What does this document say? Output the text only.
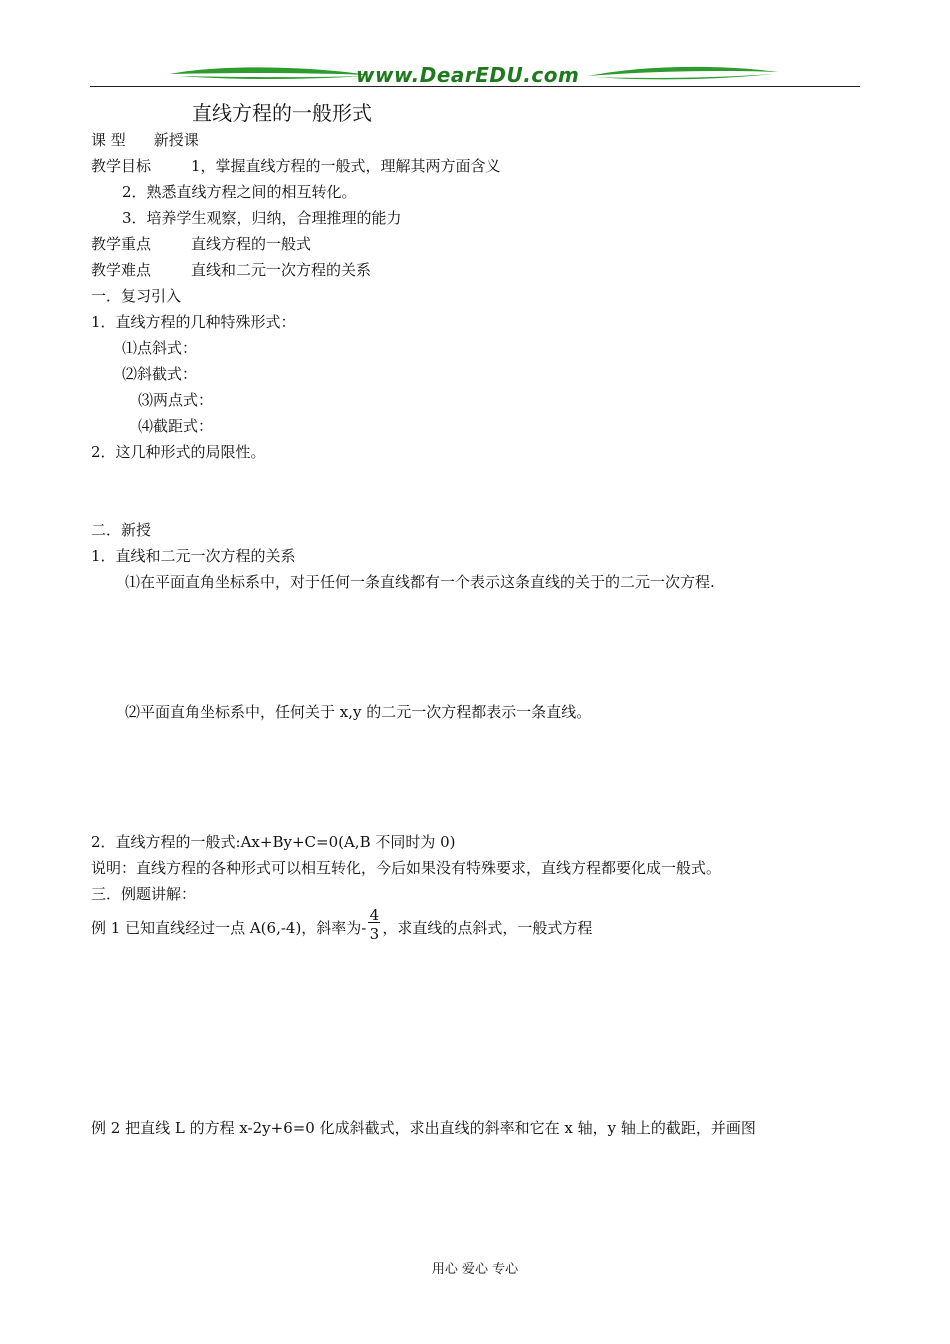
www.DearEDU.com
直线方程的一般形式
课 型 新授课
教学目标	1，掌握直线方程的一般式，理解其两方面含义
2．熟悉直线方程之间的相互转化。
3．培养学生观察，归纳，合理推理的能力
教学重点	直线方程的一般式
教学难点	直线和二元一次方程的关系
一．复习引入
1．直线方程的几种特殊形式：
⑴点斜式：
⑵斜截式：
⑶两点式：
⑷截距式：
2．这几种形式的局限性。
二．新授
1．直线和二元一次方程的关系
⑴在平面直角坐标系中，对于任何一条直线都有一个表示这条直线的关于的二元一次方程.
⑵平面直角坐标系中，任何关于 x,y 的二元一次方程都表示一条直线。
2．直线方程的一般式:Ax+By+C=0(A,B 不同时为 0)
说明：直线方程的各种形式可以相互转化，今后如果没有特殊要求，直线方程都要化成一般式。
三．例题讲解：
例 1 已知直线经过一点 A(6,-4)，斜率为- $\frac{4}{3}$ ，求直线的点斜式，一般式方程
例 2 把直线 L 的方程 x-2y+6=0 化成斜截式，求出直线的斜率和它在 x 轴，y 轴上的截距，并画图
用心 爱心 专心
